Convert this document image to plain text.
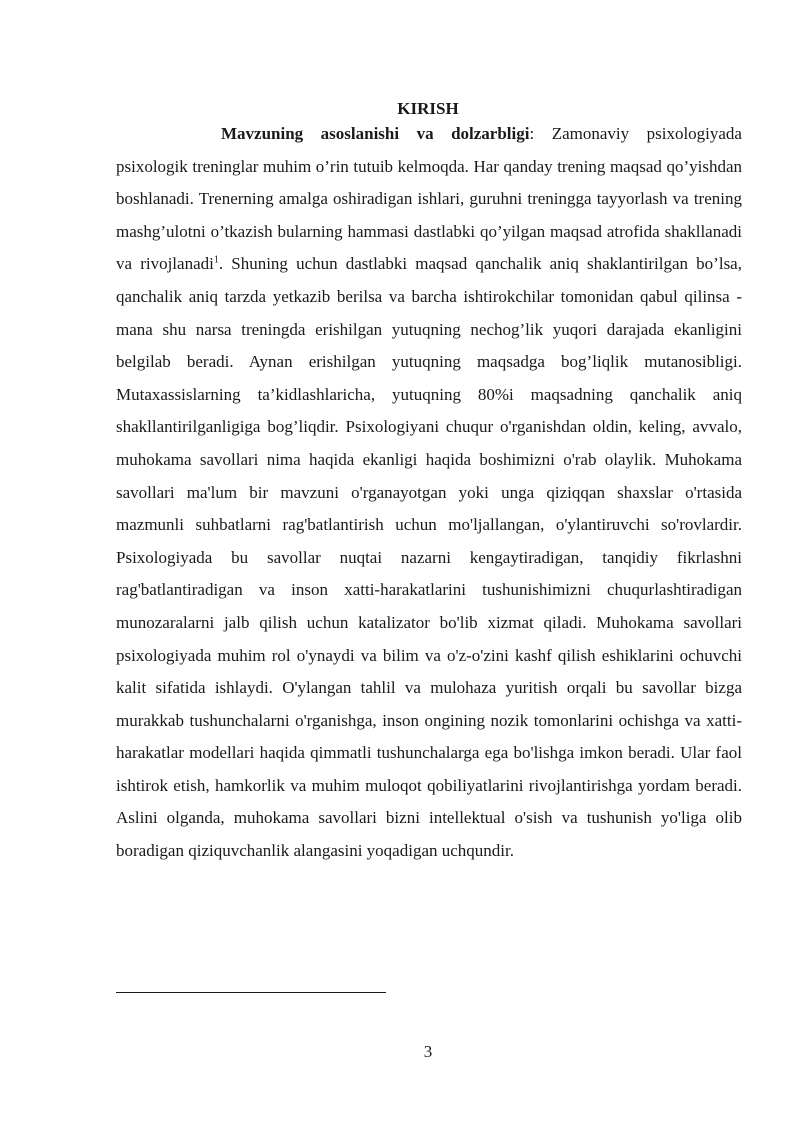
KIRISH

Mavzuning asoslanishi va dolzarbligi: Zamonaviy psixologiyada psixologik treninglar muhim o’rin tutuib kelmoqda. Har qanday trening maqsad qo’yishdan boshlanadi. Trenerning amalga oshiradigan ishlari, guruhni treningga tayyorlash va trening mashg’ulotni o’tkazish bularning hammasi dastlabki qo’yilgan maqsad atrofida shakllanadi va rivojlanadi$^1$. Shuning uchun dastlabki maqsad qanchalik aniq shaklantirilgan bo’lsa, qanchalik aniq tarzda yetkazib berilsa va barcha ishtirokchilar tomonidan qabul qilinsa - mana shu narsa treningda erishilgan yutuqning nechog’lik yuqori darajada ekanligini belgilab beradi. Aynan erishilgan yutuqning maqsadga bog’liqlik mutanosibligi. Mutaxassislarning ta’kidlashlaricha, yutuqning 80%i maqsadning qanchalik aniq shakllantirilganligiga bog’liqdir. Psixologiyani chuqur o'rganishdan oldin, keling, avvalo, muhokama savollari nima haqida ekanligi haqida boshimizni o'rab olaylik. Muhokama savollari ma'lum bir mavzuni o'rganayotgan yoki unga qiziqqan shaxslar o'rtasida mazmunli suhbatlarni rag'batlantirish uchun mo'ljallangan, o'ylantiruvchi so'rovlardir. Psixologiyada bu savollar nuqtai nazarni kengaytiradigan, tanqidiy fikrlashni rag'batlantiradigan va inson xatti-harakatlarini tushunishimizni chuqurlashtiradigan munozaralarni jalb qilish uchun katalizator bo'lib xizmat qiladi. Muhokama savollari psixologiyada muhim rol o'ynaydi va bilim va o'z-o'zini kashf qilish eshiklarini ochuvchi kalit sifatida ishlaydi. O'ylangan tahlil va mulohaza yuritish orqali bu savollar bizga murakkab tushunchalarni o'rganishga, inson ongining nozik tomonlarini ochishga va xatti-harakatlar modellari haqida qimmatli tushunchalarga ega bo'lishga imkon beradi. Ular faol ishtirok etish, hamkorlik va muhim muloqot qobiliyatlarini rivojlantirishga yordam beradi. Aslini olganda, muhokama savollari bizni intellektual o'sish va tushunish yo'liga olib boradigan qiziquvchanlik alangasini yoqadigan uchqundir.

3
